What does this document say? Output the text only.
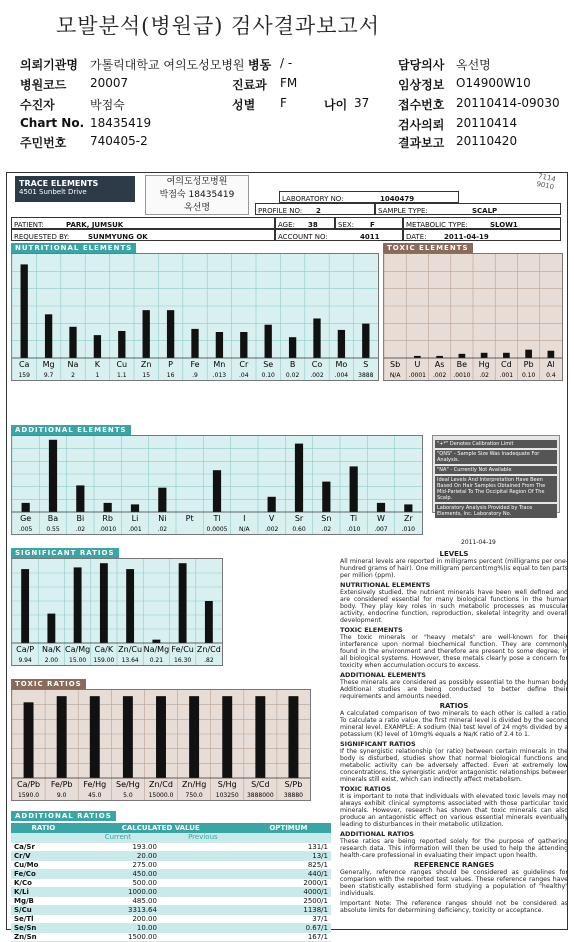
모발분석(병원급) 검사결과보고서
의뢰기관명 가톨릭대학교 여의도성모병원 병동 / -	담당의사 옥선명
병원코드 20007	진료과 FM	임상정보 O14900W10
수진자	박점숙	성별 F	나이 37 접수번호 20110414-09030
Chart No. 18435419	검사의뢰 20110414
주민번호 740405-2	결과보고 20110420
TRACE ELEMENTS
4501 Sunbelt Drive
여의도성모병원
박점숙 18435419
옥선명
7114 9010
LABORATORY NO:	1040479
PROFILE NO: 2	SAMPLE TYPE:	SCALP
PATIENT:	PARK, JUMSUK	AGE: 38	SEX: F	METABOLIC TYPE:	SLOW1
REQUESTED BY:	SUNMYUNG OK	ACCOUNT NO:	4011	DATE: 2011-04-19
NUTRITIONAL ELEMENTS
Ca
159
Mg
9.7
Na
2
K
1
Cu
1.1
Zn
15
P
16
Fe
.9
Mn
.013
Cr
.04
Se
0.10
B
0.02
Co
.002
Mo
.004
S
3888
TOXIC ELEMENTS
Sb
N/A
U
.0001
As
.002
Be
.0010
Hg
.02
Cd
.001
Pb
0.10
Al
0.4
ADDITIONAL ELEMENTS
Ge
.005
Ba
0.55
Bi
.02
Rb
.0010
Li
.001
Ni
.02
Pt Tl
0.0005
I
N/A
V
.002
Sr
0.60
Sn
.02
Ti
.010
W
.007
Zr
.010
"+*" Denotes Calibration Limit
"QNS" - Sample Size Was Inadequate For Analysis.
"NA" - Currently Not Available
Ideal Levels And Interpretation Have Been Based On Hair Samples Obtained From The Mid-Parietal To The Occipital Region Of The Scalp.
Laboratory Analysis Provided by Trace Elements, Inc. Laboratory No.
2011-04-19
SIGNIFICANT RATIOS
Ca/P
9.94
Na/K
2.00
Ca/Mg
15.00
Ca/K
159.00
Zn/Cu
13.64
Na/Mg
0.21
Fe/Cu
16.30
Zn/Cd
.82
TOXIC RATIOS
Ca/Pb
1590.0
Fe/Pb
9.0
Fe/Hg
45.0
Se/Hg
5.0
Zn/Cd
15000.0
Zn/Hg
750.0
S/Hg
103250
S/Cd
3888000
S/Pb
38880
ADDITIONAL RATIOS
RATIO	CALCULATED VALUE		OPTIMUM
	Current	Previous	
Ca/Sr	193.00		131/1
Cr/V	20.00		13/1
Cu/Mo	275.00		825/1
Fe/Co	450.00		440/1
K/Co	500.00		2000/1
K/Li	1000.00		4000/1
Mg/B	485.00		2500/1
S/Cu	3313.64		1138/1
Se/Tl	200.00		37/1
Se/Sn	10.00		0.67/1
Zn/Sn	1500.00		167/1
LEVELS

All mineral levels are reported in milligrams percent (milligrams per one-hundred grams of hair). One milligram percent(mg%)is equal to ten parts per million (ppm).

NUTRITIONAL ELEMENTS

Extensively studied, the nutrient minerals have been well defined and are considered essential for many biological functions in the human body. They play key roles in such metabolic processes as muscular activity, endocrine function, reproduction, skeletal integrity and overall development.

TOXIC ELEMENTS

The toxic minerals or "heavy metals" are well-known for their interference upon normal biochemical function. They are commonly found in the environment and therefore are present to some degree, in all biological systems. However, these metals clearly pose a concern for toxicity when accumulation occurs to excess.

ADDITIONAL ELEMENTS

These minerals are considered as possibly essential to the human body. Additional studies are being conducted to better define their requirements and amounts needed.

RATIOS

A calculated comparison of two minerals to each other is called a ratio. To calculate a ratio value, the first mineral level is divided by the second mineral level. EXAMPLE: A sodium (Na) test level of 24 mg% divided by a potassium (K) level of 10mg% equals a Na/K ratio of 2.4 to 1.

SIGNIFICANT RATIOS

If the synergistic relationship (or ratio) between certain minerals in the body is disturbed, studies show that normal biological functions and metabolic activity can be adversely affected. Even at extremely low concentrations, the synergistic and/or antagonistic relationships between minerals still exist, which can indirectly affect metabolism.

TOXIC RATIOS

It is important to note that individuals with elevated toxic levels may not always exhibit clinical symptoms associated with those particular toxic minerals. However, research has shown that toxic minerals can also produce an antagonistic effect on various essential minerals eventually leading to disturbances in their metabolic utilization.

ADDITIONAL RATIOS

These ratios are being reported solely for the purpose of gathering research data. This information will then be used to help the attending health-care professional in evaluating their impact upon health.

REFERENCE RANGES

Generally, reference ranges should be considered as guidelines for comparison with the reported test values. These reference ranges have been statistically established form studying a population of "healthy" individuals.

Important Note: The reference ranges should not be considered as absolute limits for determining deficiency, toxicity or acceptance.
